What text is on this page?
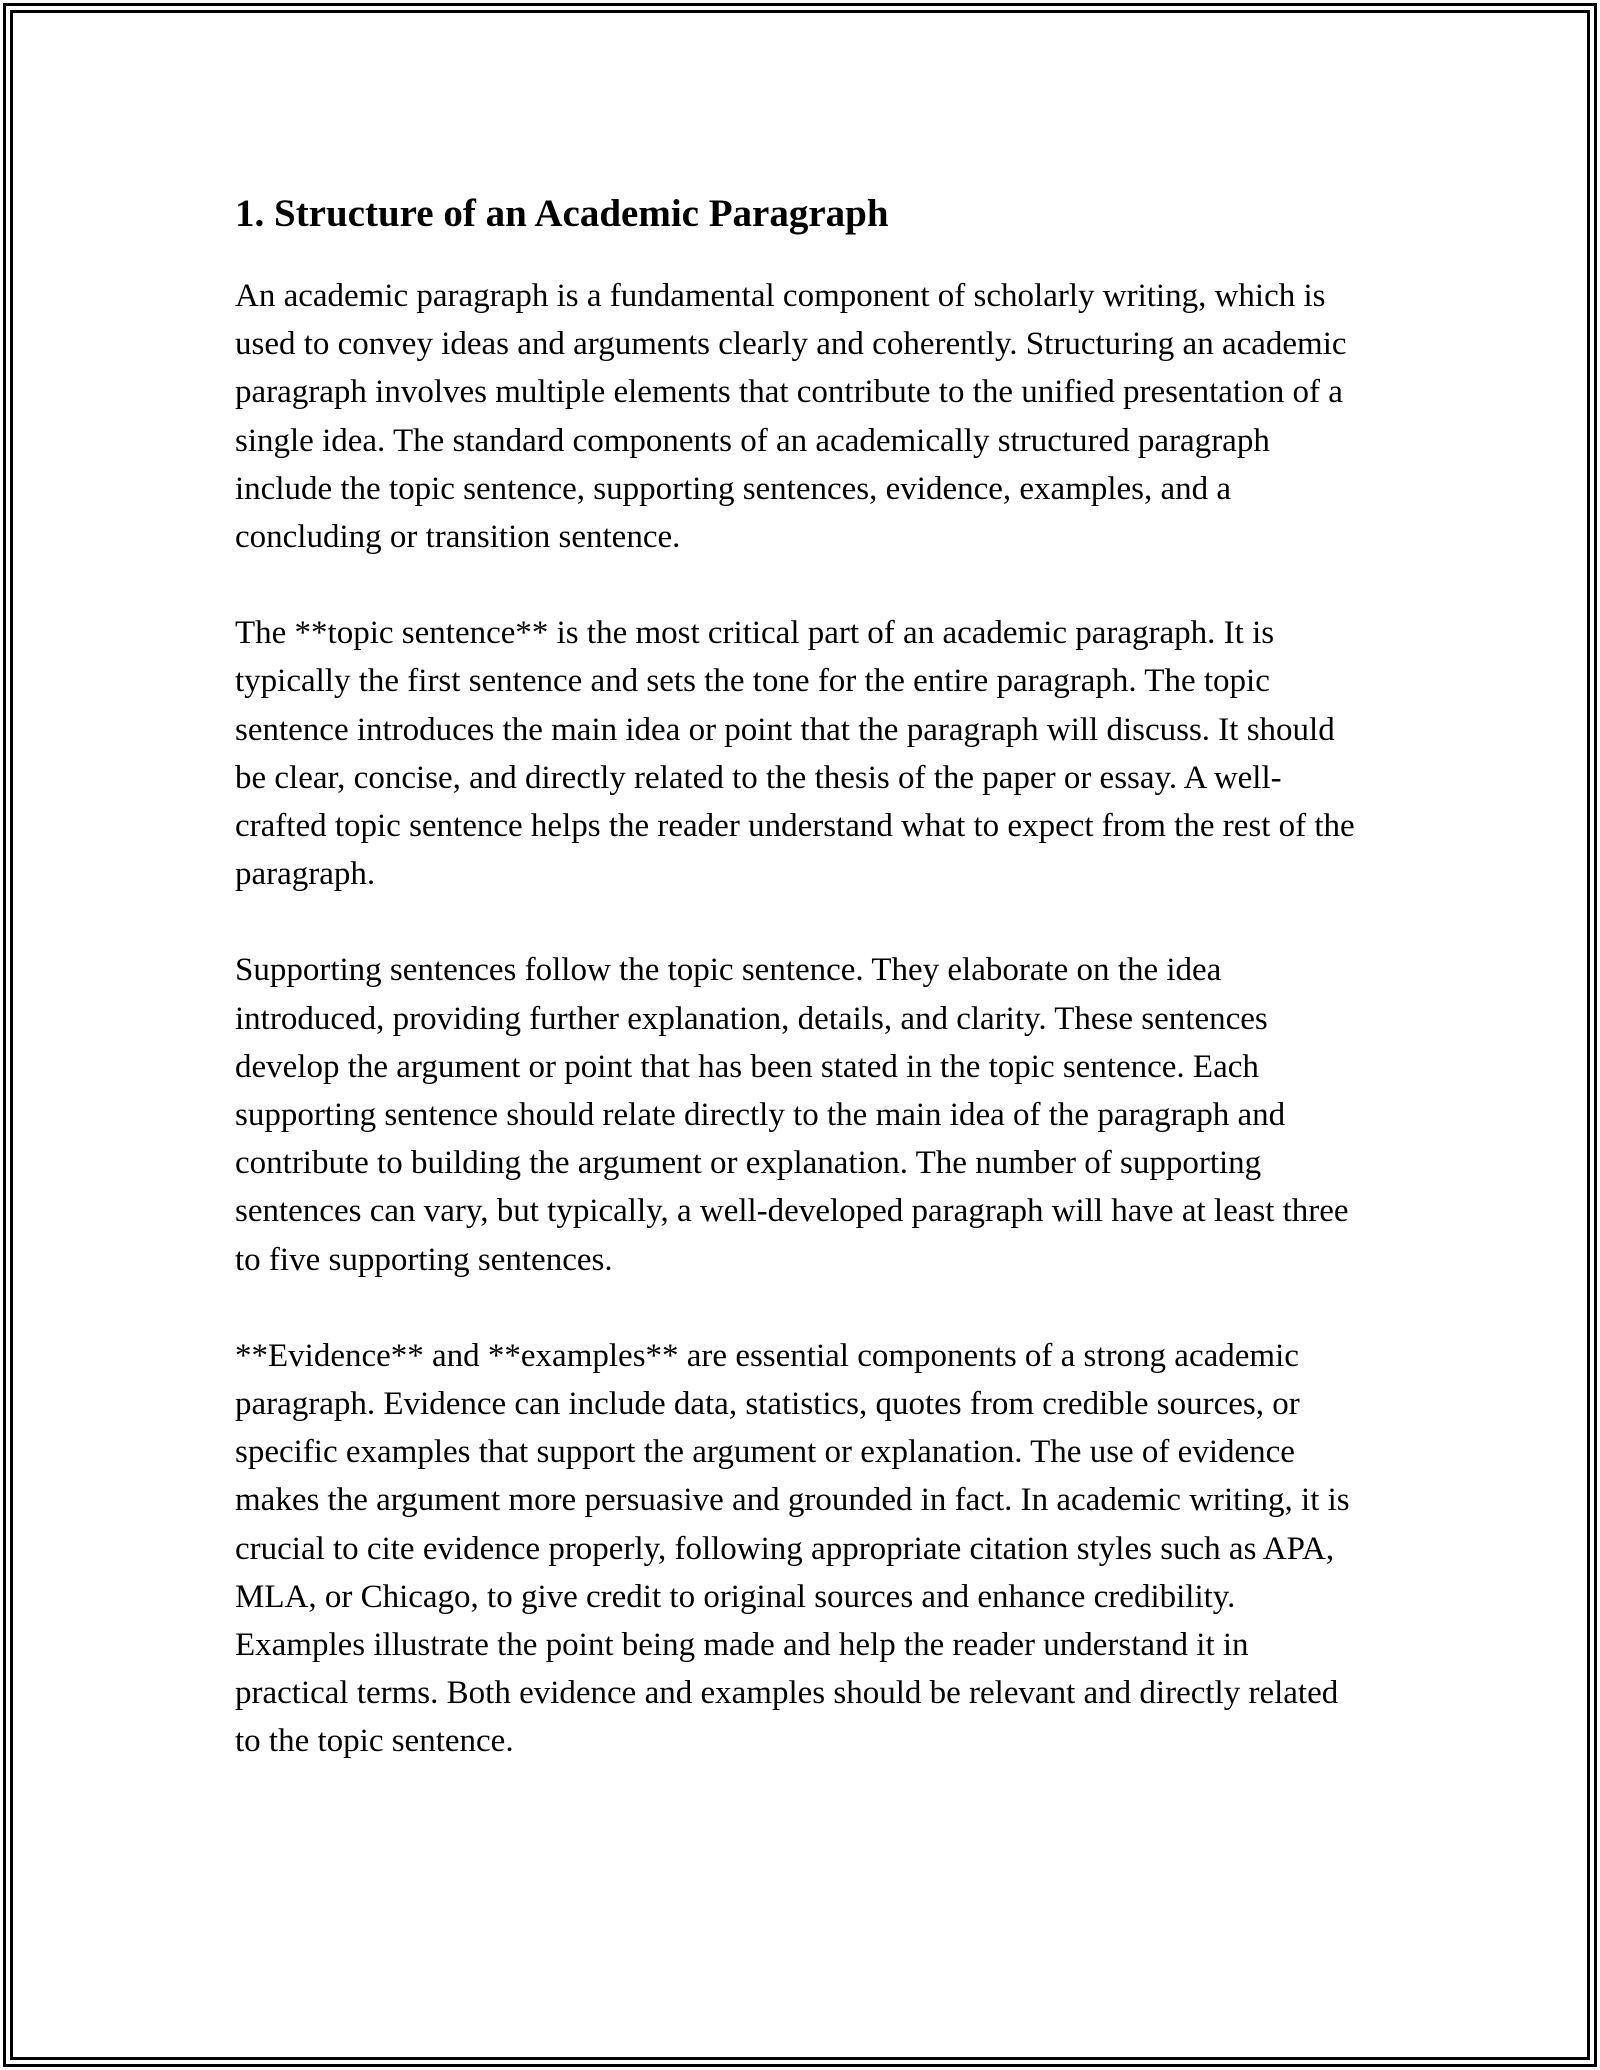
1. Structure of an Academic Paragraph

An academic paragraph is a fundamental component of scholarly writing, which is used to convey ideas and arguments clearly and coherently. Structuring an academic paragraph involves multiple elements that contribute to the unified presentation of a single idea. The standard components of an academically structured paragraph include the topic sentence, supporting sentences, evidence, examples, and a concluding or transition sentence.

The **topic sentence** is the most critical part of an academic paragraph. It is typically the first sentence and sets the tone for the entire paragraph. The topic sentence introduces the main idea or point that the paragraph will discuss. It should be clear, concise, and directly related to the thesis of the paper or essay. A well-crafted topic sentence helps the reader understand what to expect from the rest of the paragraph.

Supporting sentences follow the topic sentence. They elaborate on the idea introduced, providing further explanation, details, and clarity. These sentences develop the argument or point that has been stated in the topic sentence. Each supporting sentence should relate directly to the main idea of the paragraph and contribute to building the argument or explanation. The number of supporting sentences can vary, but typically, a well-developed paragraph will have at least three to five supporting sentences.

**Evidence** and **examples** are essential components of a strong academic paragraph. Evidence can include data, statistics, quotes from credible sources, or specific examples that support the argument or explanation. The use of evidence makes the argument more persuasive and grounded in fact. In academic writing, it is crucial to cite evidence properly, following appropriate citation styles such as APA, MLA, or Chicago, to give credit to original sources and enhance credibility. Examples illustrate the point being made and help the reader understand it in practical terms. Both evidence and examples should be relevant and directly related to the topic sentence.
